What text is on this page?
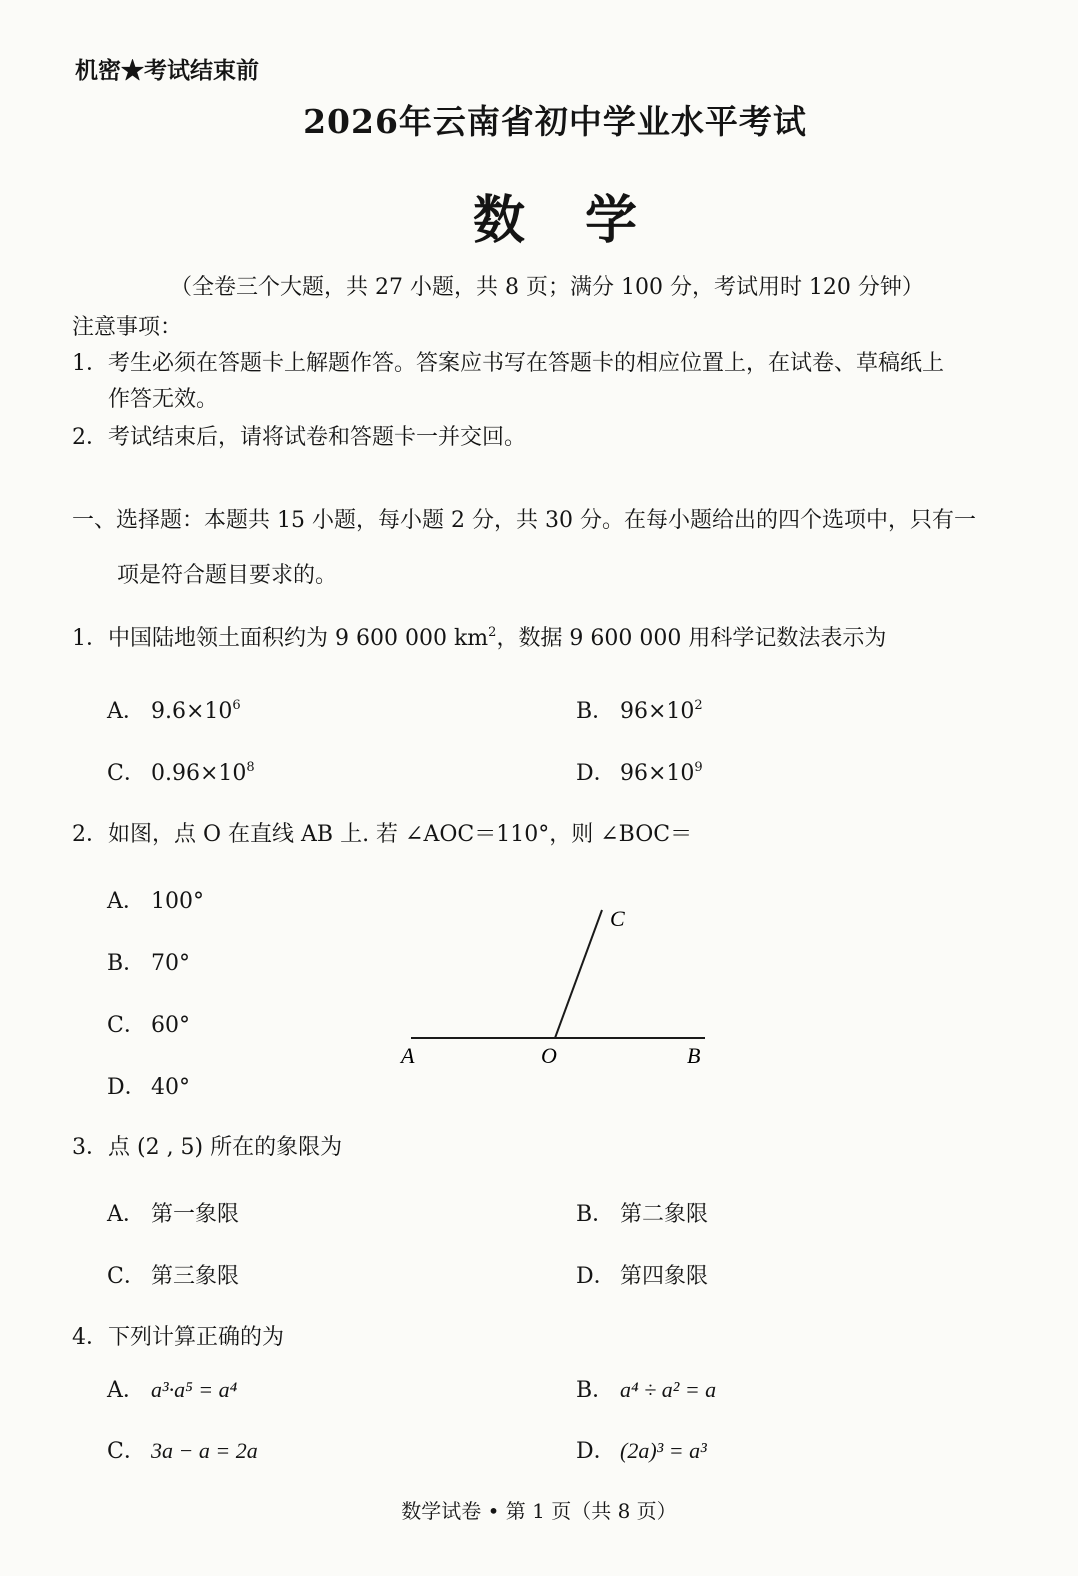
机密★考试结束前
2026年云南省初中学业水平考试
数学
（全卷三个大题，共 27 小题，共 8 页；满分 100 分，考试用时 120 分钟）
注意事项：
1．考生必须在答题卡上解题作答。答案应书写在答题卡的相应位置上，在试卷、草稿纸上
作答无效。
2．考试结束后，请将试卷和答题卡一并交回。
一、选择题：本题共 15 小题，每小题 2 分，共 30 分。在每小题给出的四个选项中，只有一
项是符合题目要求的。
1．中国陆地领土面积约为 9 600 000 $km^2$，数据 9 600 000 用科学记数法表示为
A． $9.6\times 10^6$	B． $96\times 10^2$
C． $0.96\times 10^8$	D． $96\times 10^9$
2．如图，点 O 在直线 AB 上. 若 ∠AOC＝110°，则 ∠BOC＝
A． 100°
B． 70°
C． 60°
D． 40°
A	O	B
C
3．点 (2 , 5) 所在的象限为
A． 第一象限	B． 第二象限
C． 第三象限	D． 第四象限
4．下列计算正确的为
A． a³·a⁵ = a⁴	B． a⁴ ÷ a² = a
C． 3a − a = 2a	D． (2a)³ = a³
数学试卷 • 第 1 页（共 8 页）
